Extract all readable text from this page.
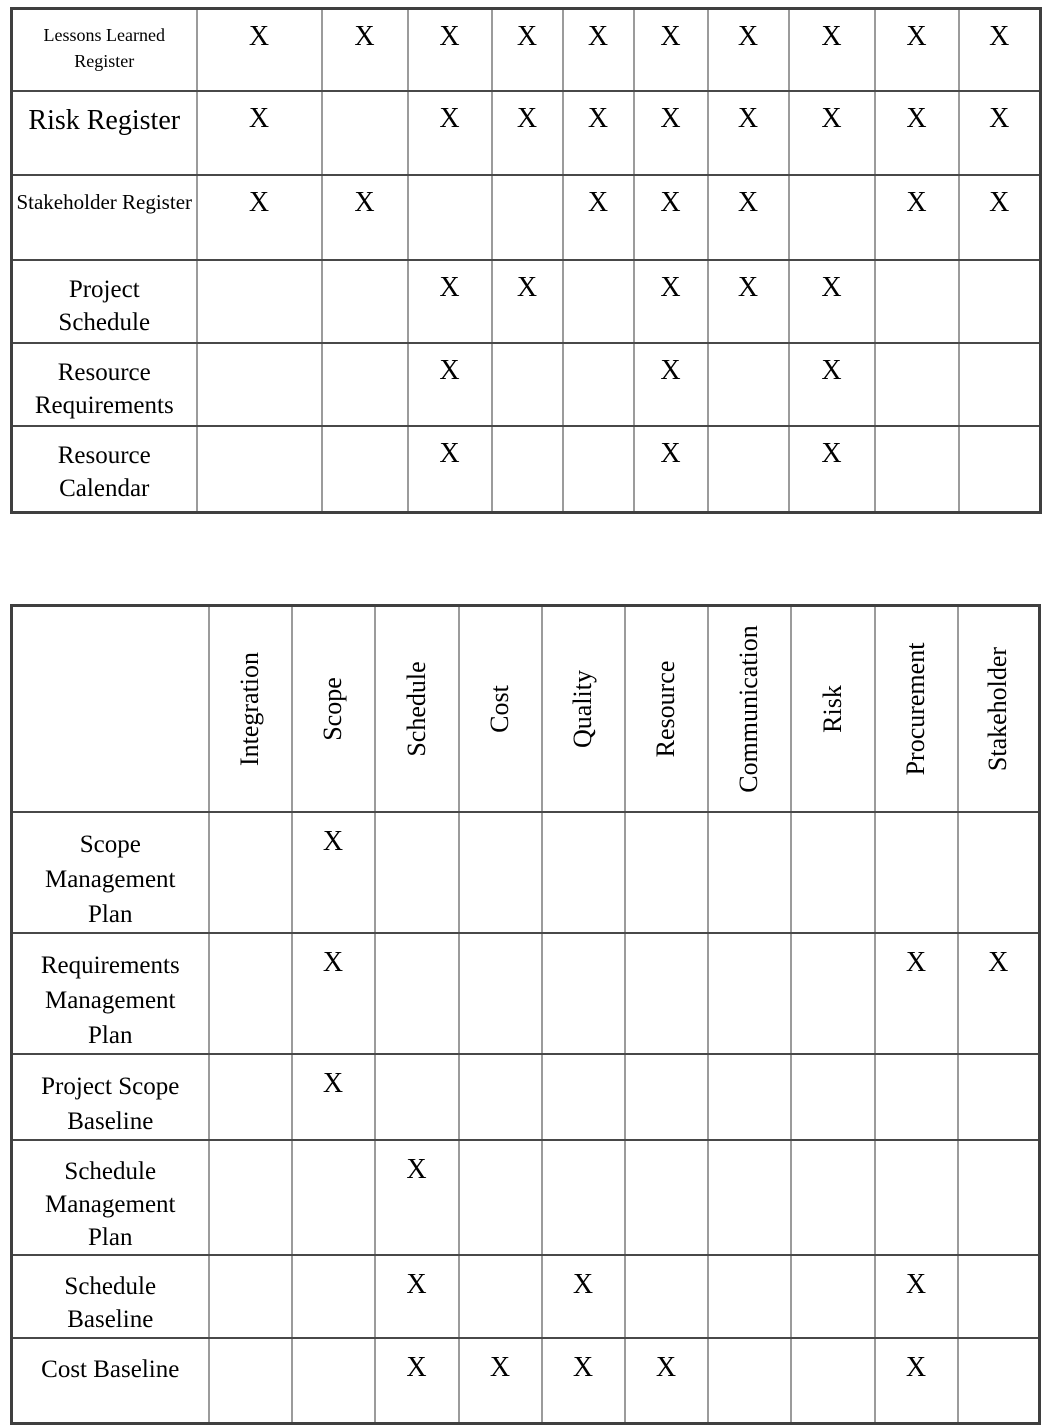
Lessons Learned Register	X	X	X	X	X	X	X	X	X	X
Risk Register	X		X	X	X	X	X	X	X	X
Stakeholder Register	X	X			X	X	X		X	X
Project Schedule			X	X		X	X	X		
Resource Requirements			X			X		X		
Resource Calendar			X			X		X		

	Integration	Scope	Schedule	Cost	Quality	Resource	Communication	Risk	Procurement	Stakeholder

Scope Management Plan		X								
Requirements Management Plan		X							X	X
Project Scope Baseline		X								
Schedule Management Plan			X							
Schedule Baseline			X		X				X	
Cost Baseline			X	X	X	X			X	
